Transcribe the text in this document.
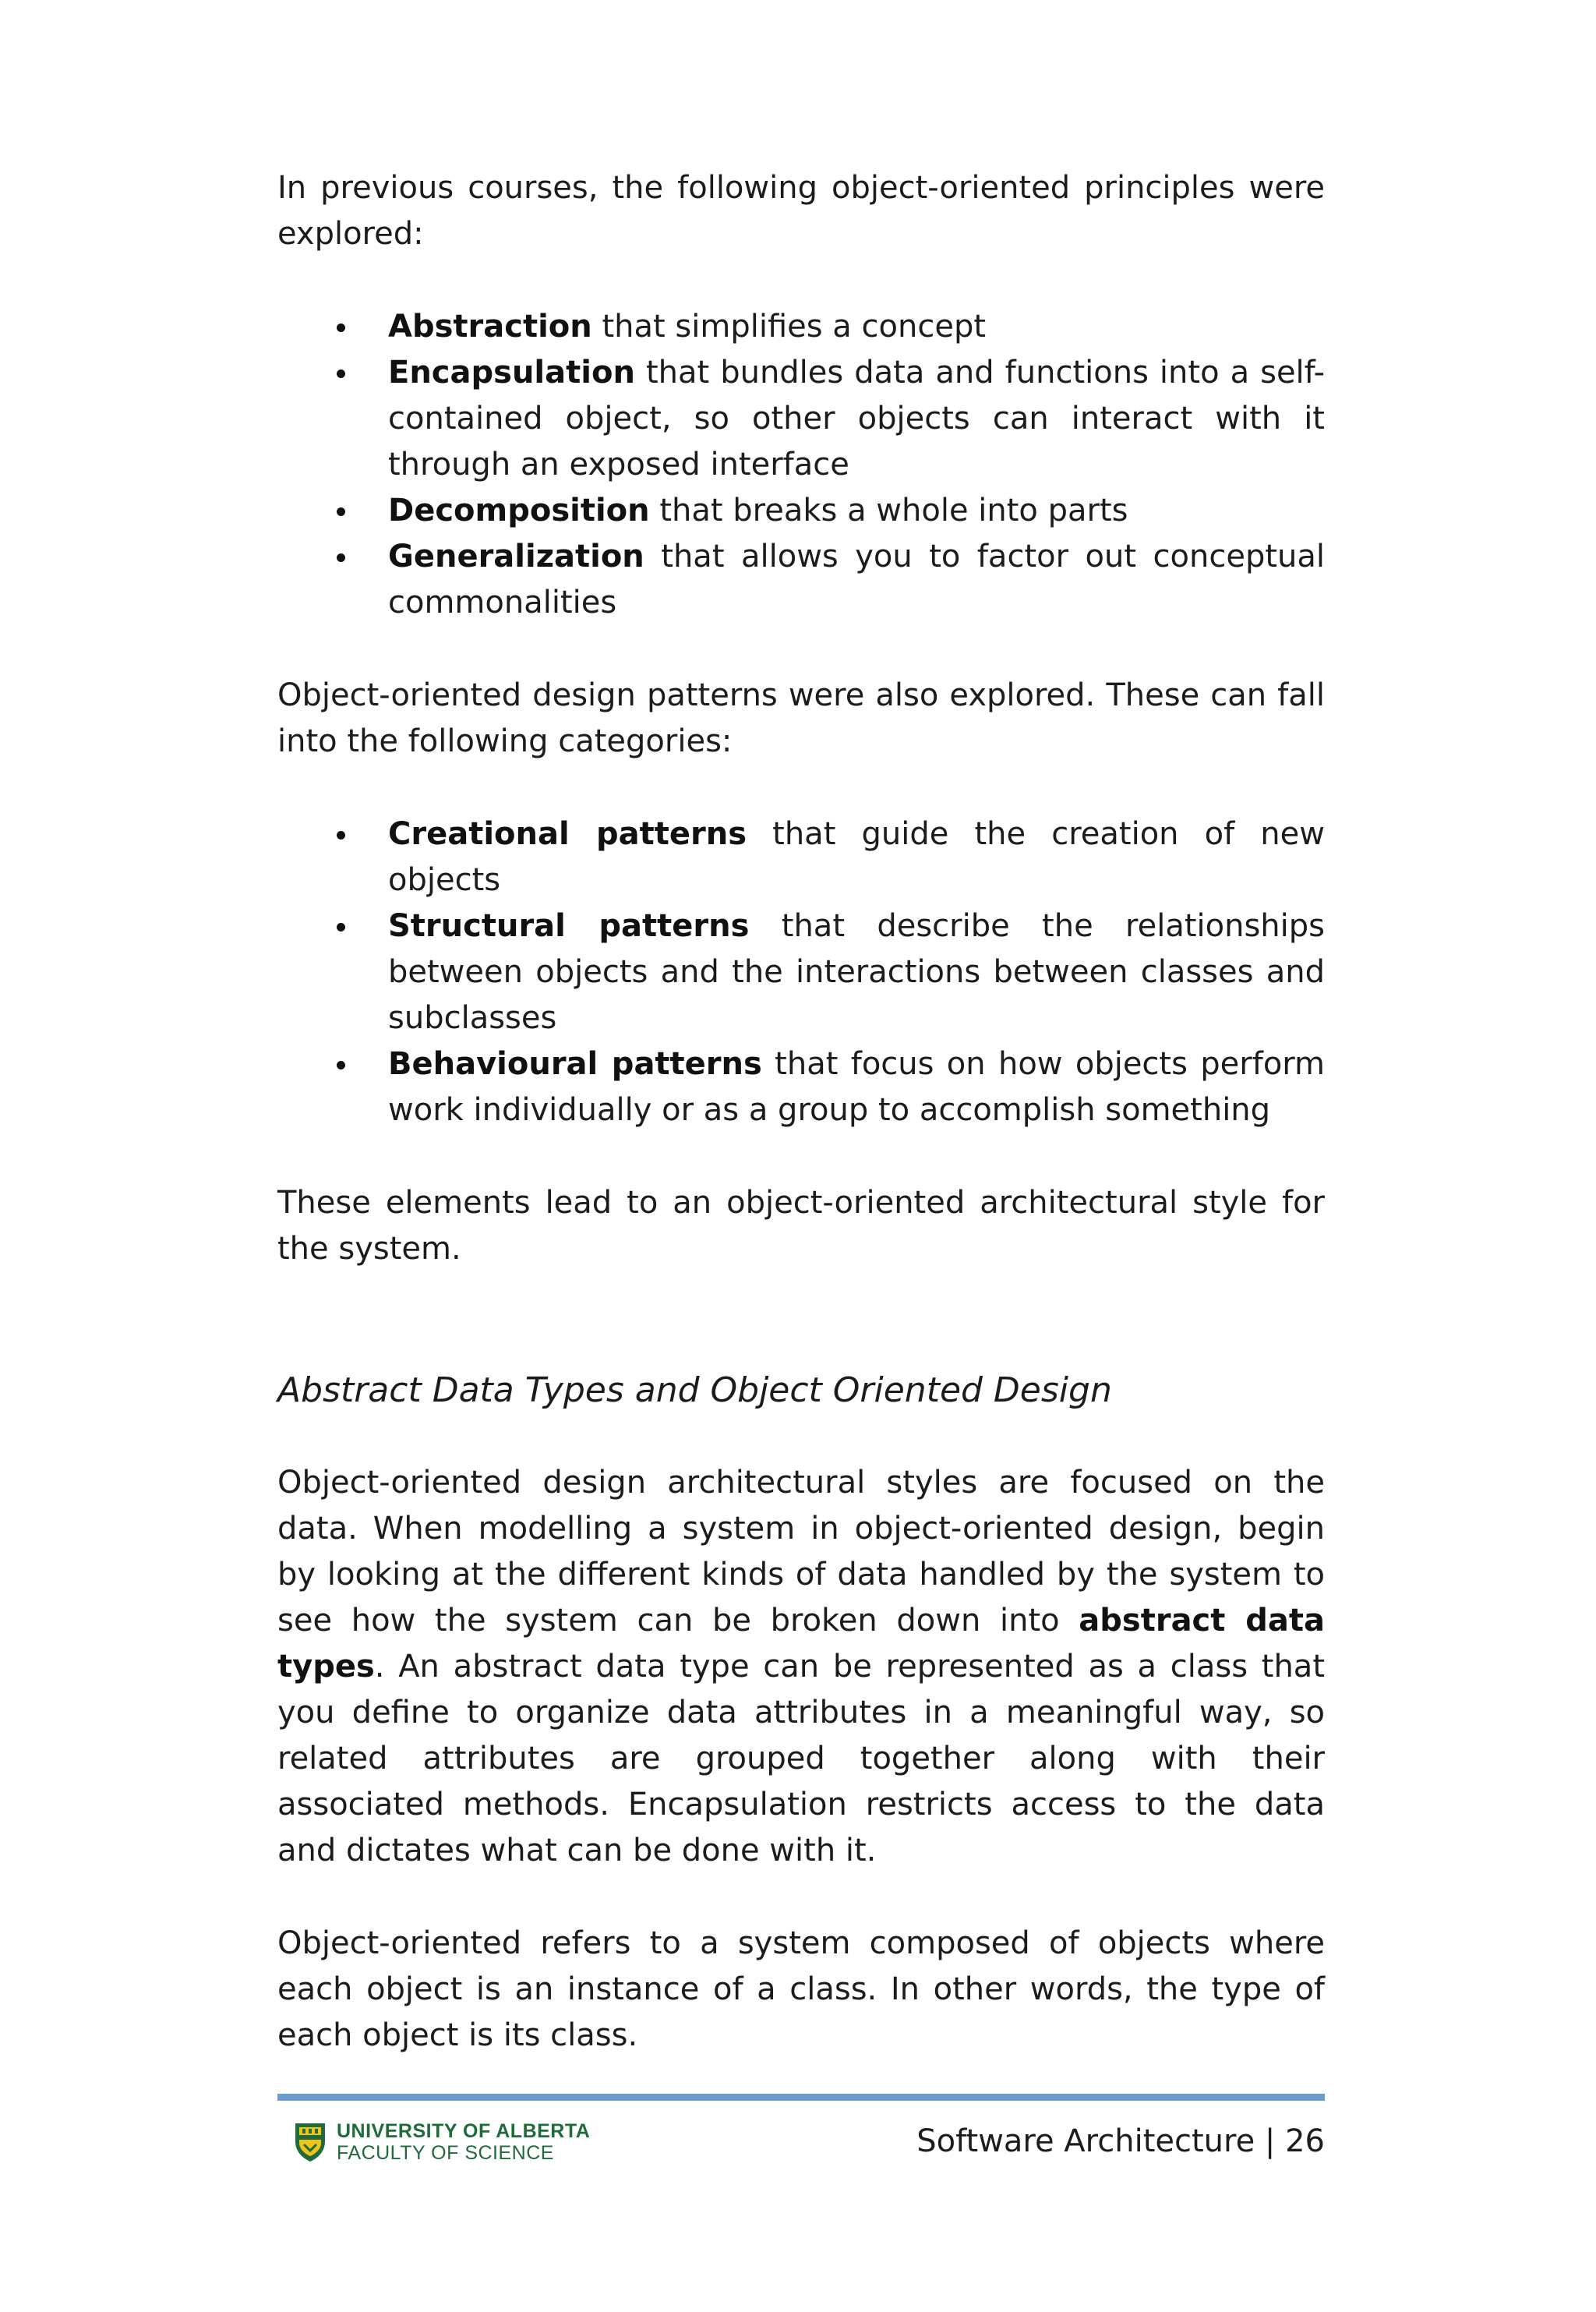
In previous courses, the following object-oriented principles were explored:

Abstraction that simplifies a concept
Encapsulation that bundles data and functions into a self-contained object, so other objects can interact with it through an exposed interface
Decomposition that breaks a whole into parts
Generalization that allows you to factor out conceptual commonalities

Object-oriented design patterns were also explored. These can fall into the following categories:

Creational patterns that guide the creation of new objects
Structural patterns that describe the relationships between objects and the interactions between classes and subclasses
Behavioural patterns that focus on how objects perform work individually or as a group to accomplish something

These elements lead to an object-oriented architectural style for the system.

Abstract Data Types and Object Oriented Design

Object-oriented design architectural styles are focused on the data. When modelling a system in object-oriented design, begin by looking at the different kinds of data handled by the system to see how the system can be broken down into abstract data types. An abstract data type can be represented as a class that you define to organize data attributes in a meaningful way, so related attributes are grouped together along with their associated methods. Encapsulation restricts access to the data and dictates what can be done with it.

Object-oriented refers to a system composed of objects where each object is an instance of a class. In other words, the type of each object is its class.

UNIVERSITY OF ALBERTA
FACULTY OF SCIENCE	Software Architecture | 26
